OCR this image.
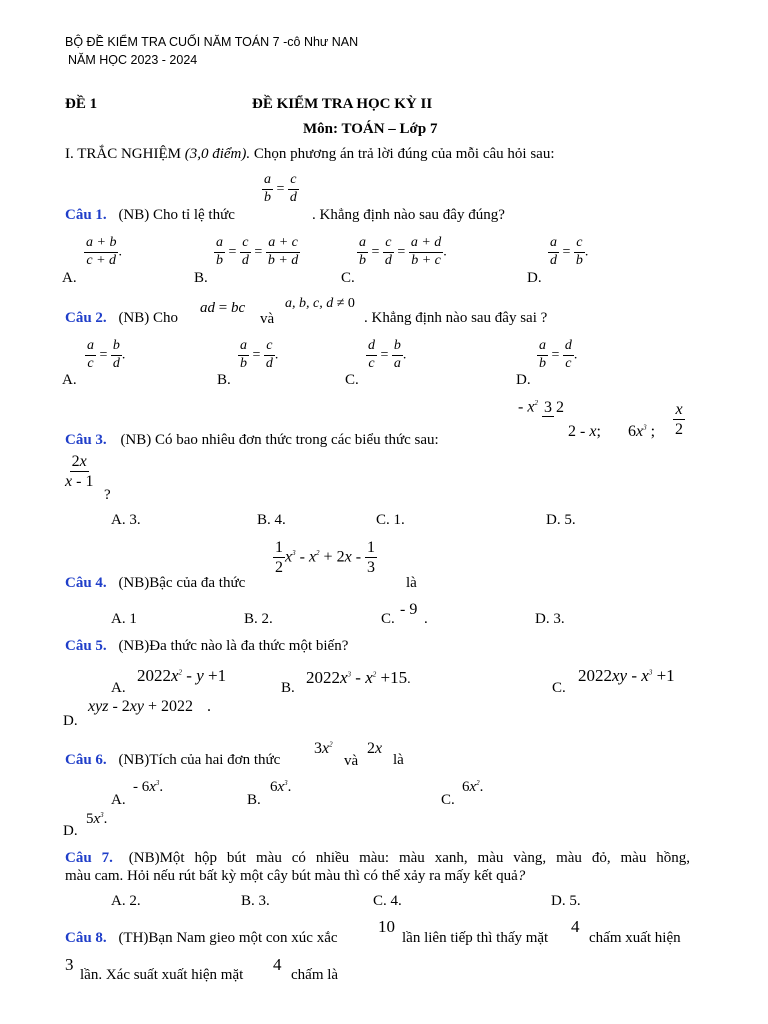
BỘ ĐỀ KIỂM TRA CUỐI NĂM TOÁN 7 -cô Như NAN
NĂM HỌC 2023 - 2024
ĐỀ 1	ĐỀ KIỂM TRA HỌC KỲ II
Môn: TOÁN – Lớp 7
I. TRẮC NGHIỆM (3,0 điểm). Chọn phương án trả lời đúng của mỗi câu hỏi sau:
$\frac{a}{b} = \frac{c}{d}$
Câu 1. (NB) Cho tỉ lệ thức	. Khẳng định nào sau đây đúng?
A.
$\frac{a + b}{c + d}$ .
B.
$\frac{a}{b} = \frac{c}{d} = \frac{a + c}{b + d}$
C.
$\frac{a}{b} = \frac{c}{d} = \frac{a + d}{b + c}$ .
D.
$\frac{a}{d} = \frac{c}{b}$ .
Câu 2. (NB) Cho
ad = bc
và
a, b, c, d ≠ 0
. Khẳng định nào sau đây sai ?
A.
$\frac{a}{c} = \frac{b}{d}$ .
B.
$\frac{a}{b} = \frac{c}{d}$ .
C.
$\frac{d}{c} = \frac{b}{a}$ .
D.
$\frac{a}{b} = \frac{d}{c}$ .
Câu 3. (NB) Có bao nhiêu đơn thức trong các biểu thức sau:
- $x^2$ 3 2
2 - x; $6x^3$ ; $\frac{x}{2}$
$\frac{2x}{x - 1}$
?
A. 3.	B. 4.	C. 1.	D. 5.
$\frac{1}{2} x^3 - x^2 + 2x - \frac{1}{3}$
Câu 4. (NB)Bậc của đa thức	là
A. 1	B. 2.	C.
- 9
.	D. 3.
Câu 5. (NB)Đa thức nào là đa thức một biến?
A.
$2022x^2 - y +1$
B.
$2022x^3 - x^2 +15$.
C.
$2022xy - x^3 +1$
D.
xyz - 2xy + 2022 .
Câu 6. (NB)Tích của hai đơn thức
$3x^2$
và
2x
là
A.
- $6x^3$.
B.
$6x^3$.
C.
$6x^2$.
D.
$5x^3$.
Câu 7. (NB)Một hộp bút màu có nhiều màu: màu xanh, màu vàng, màu đỏ, màu hồng,
màu cam. Hỏi nếu rút bất kỳ một cây bút màu thì có thể xảy ra mấy kết quả?
A. 2.	B. 3.	C. 4.	D. 5.
Câu 8. (TH)Bạn Nam gieo một con xúc xắc
10
lần liên tiếp thì thấy mặt
4
chấm xuất hiện
3
lần. Xác suất xuất hiện mặt
4
chấm là
